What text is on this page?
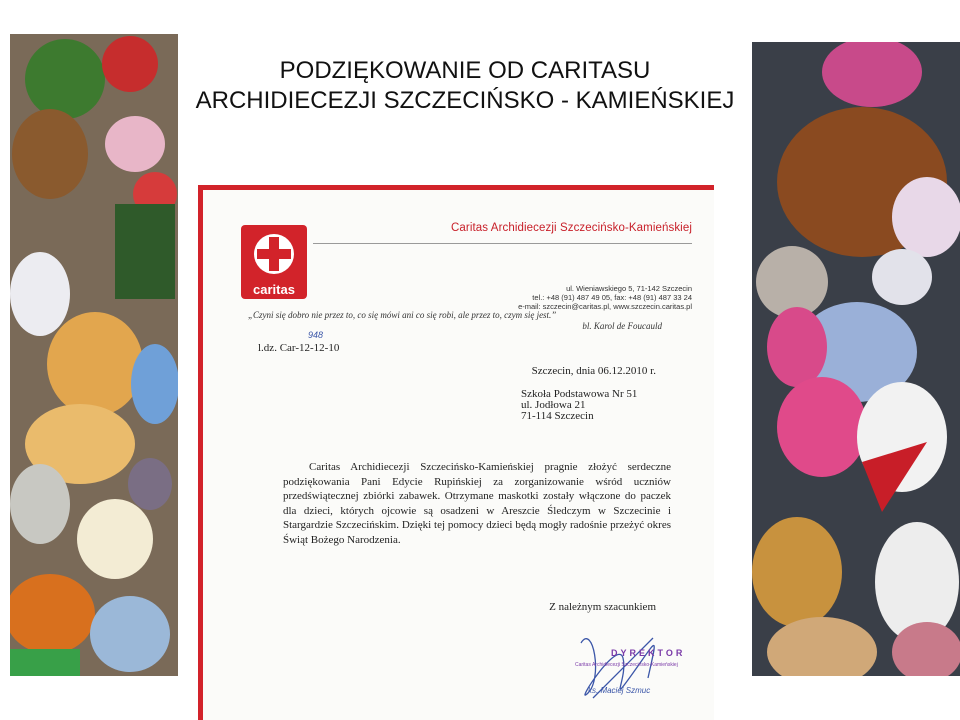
PODZIĘKOWANIE OD CARITASU
ARCHIDIECEZJI SZCZECIŃSKO - KAMIEŃSKIEJ
caritas
Caritas Archidiecezji Szczecińsko-Kamieńskiej
ul. Wieniawskiego 5, 71-142 Szczecin
tel.: +48 (91) 487 49 05, fax: +48 (91) 487 33 24
e-mail: szczecin@caritas.pl, www.szczecin.caritas.pl
„Czyni się dobro nie przez to, co się mówi ani co się robi, ale przez to, czym się jest.”
bl. Karol de Foucauld
l.dz. Car-12-12-10
948
Szczecin, dnia 06.12.2010 r.
Szkoła Podstawowa Nr 51
ul. Jodłowa 21
71-114 Szczecin
Caritas Archidiecezji Szczecińsko-Kamieńskiej pragnie złożyć serdeczne podziękowania Pani Edycie Rupińskiej za zorganizowanie wśród uczniów przedświątecznej zbiórki zabawek. Otrzymane maskotki zostały włączone do paczek dla dzieci, których ojcowie są osadzeni w Areszcie Śledczym w Szczecinie i Stargardzie Szczecińskim. Dzięki tej pomocy dzieci będą mogły radośnie przeżyć okres Świąt Bożego Narodzenia.
Z należnym szacunkiem
DYREKTOR
Caritas Archidiecezji Szczecińsko-Kamieńskiej
ks. Maciej Szmuc
